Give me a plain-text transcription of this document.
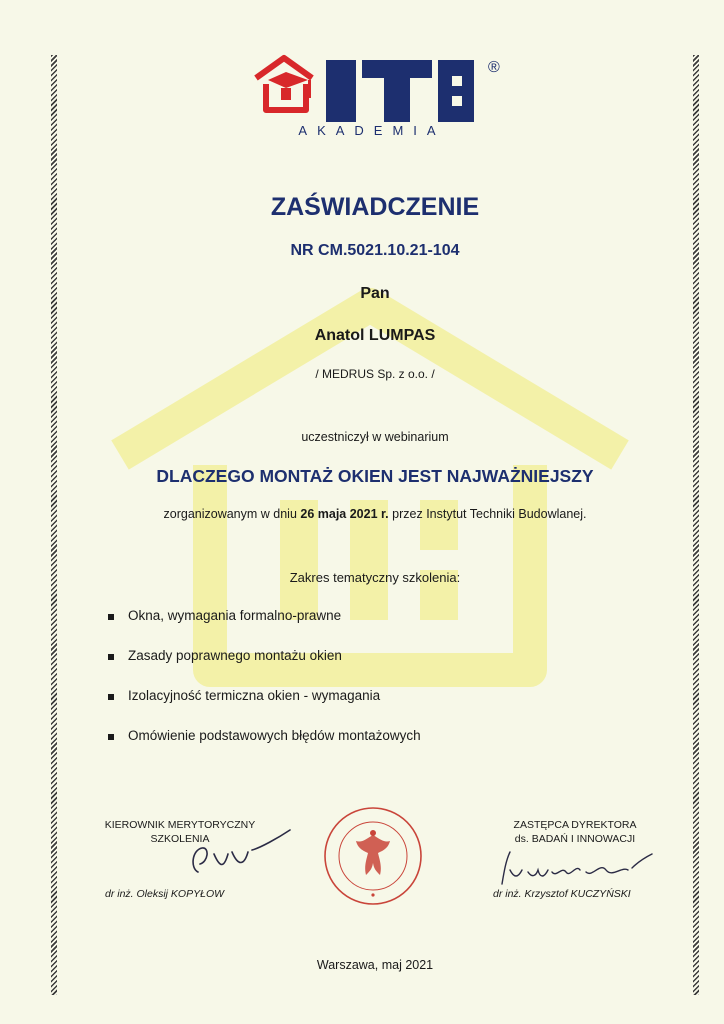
®
AKADEMIA
ZAŚWIADCZENIE
NR CM.5021.10.21-104
Pan
Anatol LUMPAS
/ MEDRUS Sp. z o.o. /
uczestniczył w webinarium
DLACZEGO MONTAŻ OKIEN JEST NAJWAŻNIEJSZY
zorganizowanym w dniu 26 maja 2021 r. przez Instytut Techniki Budowlanej.
Zakres tematyczny szkolenia:
Okna, wymagania formalno-prawne
Zasady poprawnego montażu okien
Izolacyjność termiczna okien - wymagania
Omówienie podstawowych błędów montażowych
KIEROWNIK MERYTORYCZNY
SZKOLENIA
dr inż. Oleksij KOPYŁOW
ZASTĘPCA DYREKTORA
ds. BADAŃ I INNOWACJI
dr inż. Krzysztof KUCZYŃSKI
Warszawa, maj 2021
